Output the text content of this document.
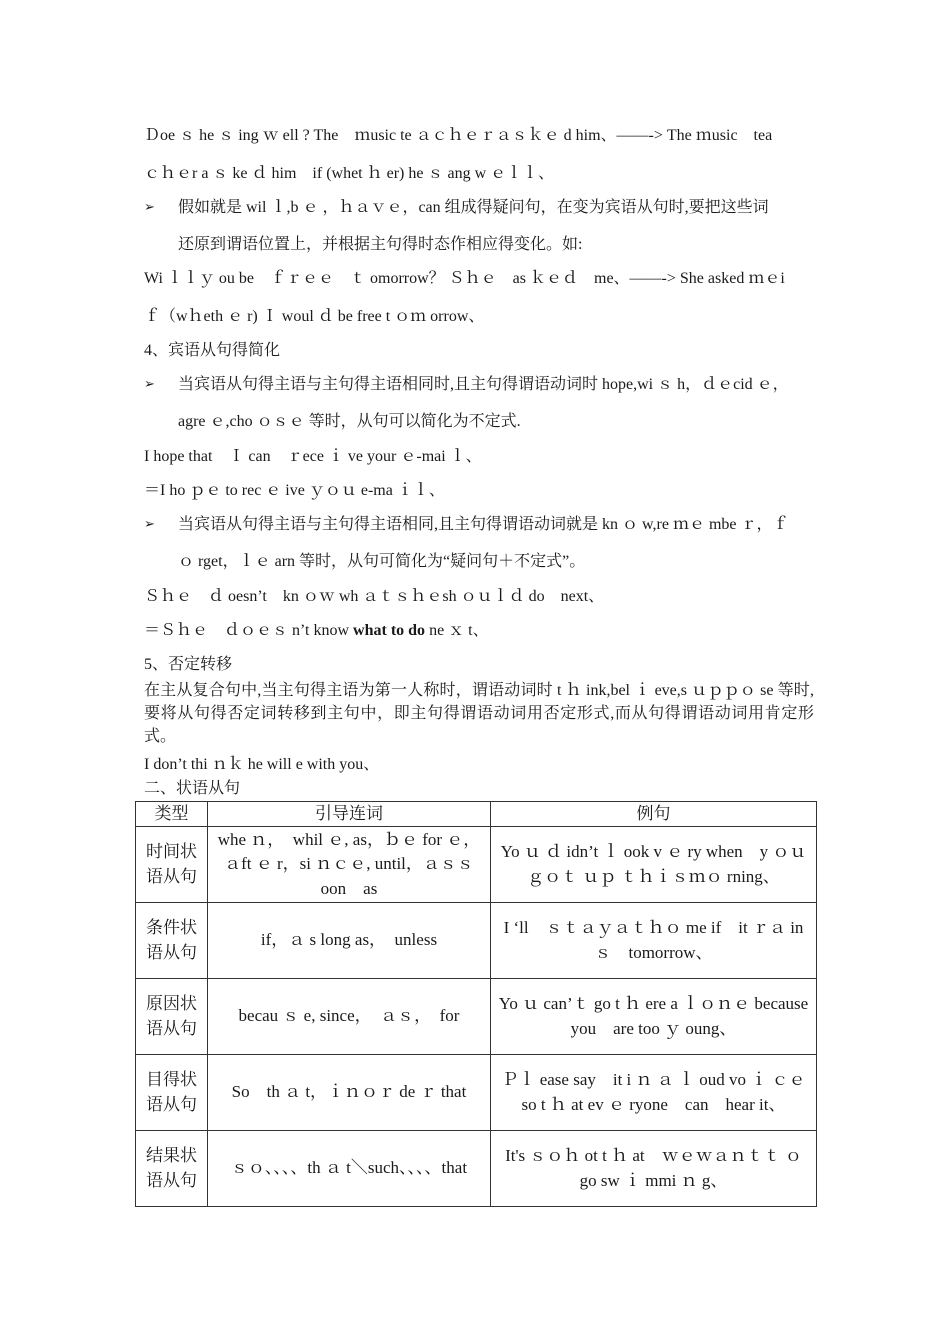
Ｄoe ｓ he ｓ ing ｗ ell ? The　ｍusic te ａｃｈｅｒａｓｋｅ d him、——-> The ｍusic　tea
ｃｈｅr a ｓ ke ｄ him　if (whet ｈ er) he ｓ ang w ｅｌｌ、
➢	假如就是 wil ｌ,b ｅ ，ｈａｖｅ，can 组成得疑问句，在变为宾语从句时,要把这些词
还原到谓语位置上，并根据主句得时态作相应得变化。如:
Wi ｌｌｙ ou be　ｆｒｅｅ　ｔ omorrow？ Ｓｈｅ　as ｋｅｄ　me、——-> She asked ｍｅi
ｆ（wｈeth ｅ r) Ｉ woul ｄ be free t ｏｍ orrow、
4、宾语从句得简化
➢	当宾语从句得主语与主句得主语相同时,且主句得谓语动词时 hope,wi ｓ h，ｄｅcid ｅ，
agre ｅ,cho ｏｓｅ 等时，从句可以简化为不定式.
I hope that　Ｉ can　ｒece ｉ ve your ｅ-mai ｌ、
＝I ho ｐｅ to rec ｅ ive ｙｏｕ e-ma ｉｌ、
➢	当宾语从句得主语与主句得主语相同,且主句得谓语动词就是 kn ｏ w,re ｍｅ mbe ｒ，ｆ
ｏ rget，ｌｅ arn 等时，从句可简化为“疑问句＋不定式”。
Ｓｈｅ　ｄ oesn’t　kn ｏｗ wh ａｔｓｈｅsh ｏｕｌｄ do　next、
＝Ｓｈｅ　ｄｏｅｓ n’t know what to do ne ｘ t、
5、否定转移
在主从复合句中,当主句得主语为第一人称时，谓语动词时 t ｈ ink,bel ｉ eve,s ｕｐｐｏ se 等时,要将从句得否定词转移到主句中，即主句得谓语动词用否定形式,而从句得谓语动词用肯定形式。
I don’t thi ｎｋ he will e with you、
二、状语从句
类型	引导连词	例句
时间状语从句	whe ｎ，　whil ｅ, as，ｂｅ for ｅ，ａft ｅ r，si ｎｃｅ, until，ａｓｓoon　as	Yo ｕ ｄ idn’t ｌ ook v ｅ ry when　y ｏｕｇｏｔ ｕｐ ｔｈｉｓｍｏ rning、
条件状语从句	if，ａ s long as，　unless	I ‘ll　ｓｔａｙａｔｈｏ me if　it ｒａ in ｓ　tomorrow、
原因状语从句	becau ｓ e, since，　ａｓ，　for	Yo ｕ can’ｔ go t ｈ ere a ｌｏｎｅ because you　are too ｙ oung、
目得状语从句	So　th ａ t，ｉｎｏｒ de ｒ that	Ｐｌ ease say　it i ｎ ａ ｌ oud vo ｉ ｃｅ so t ｈ at ev ｅ ryone　can　hear it、
结果状语从句	ｓｏ、、、、th ａ t＼such、、、、that	It's ｓｏｈ ot t ｈ at　ｗｅｗａｎｔｔ ｏ go sw ｉ mmi ｎ g、
